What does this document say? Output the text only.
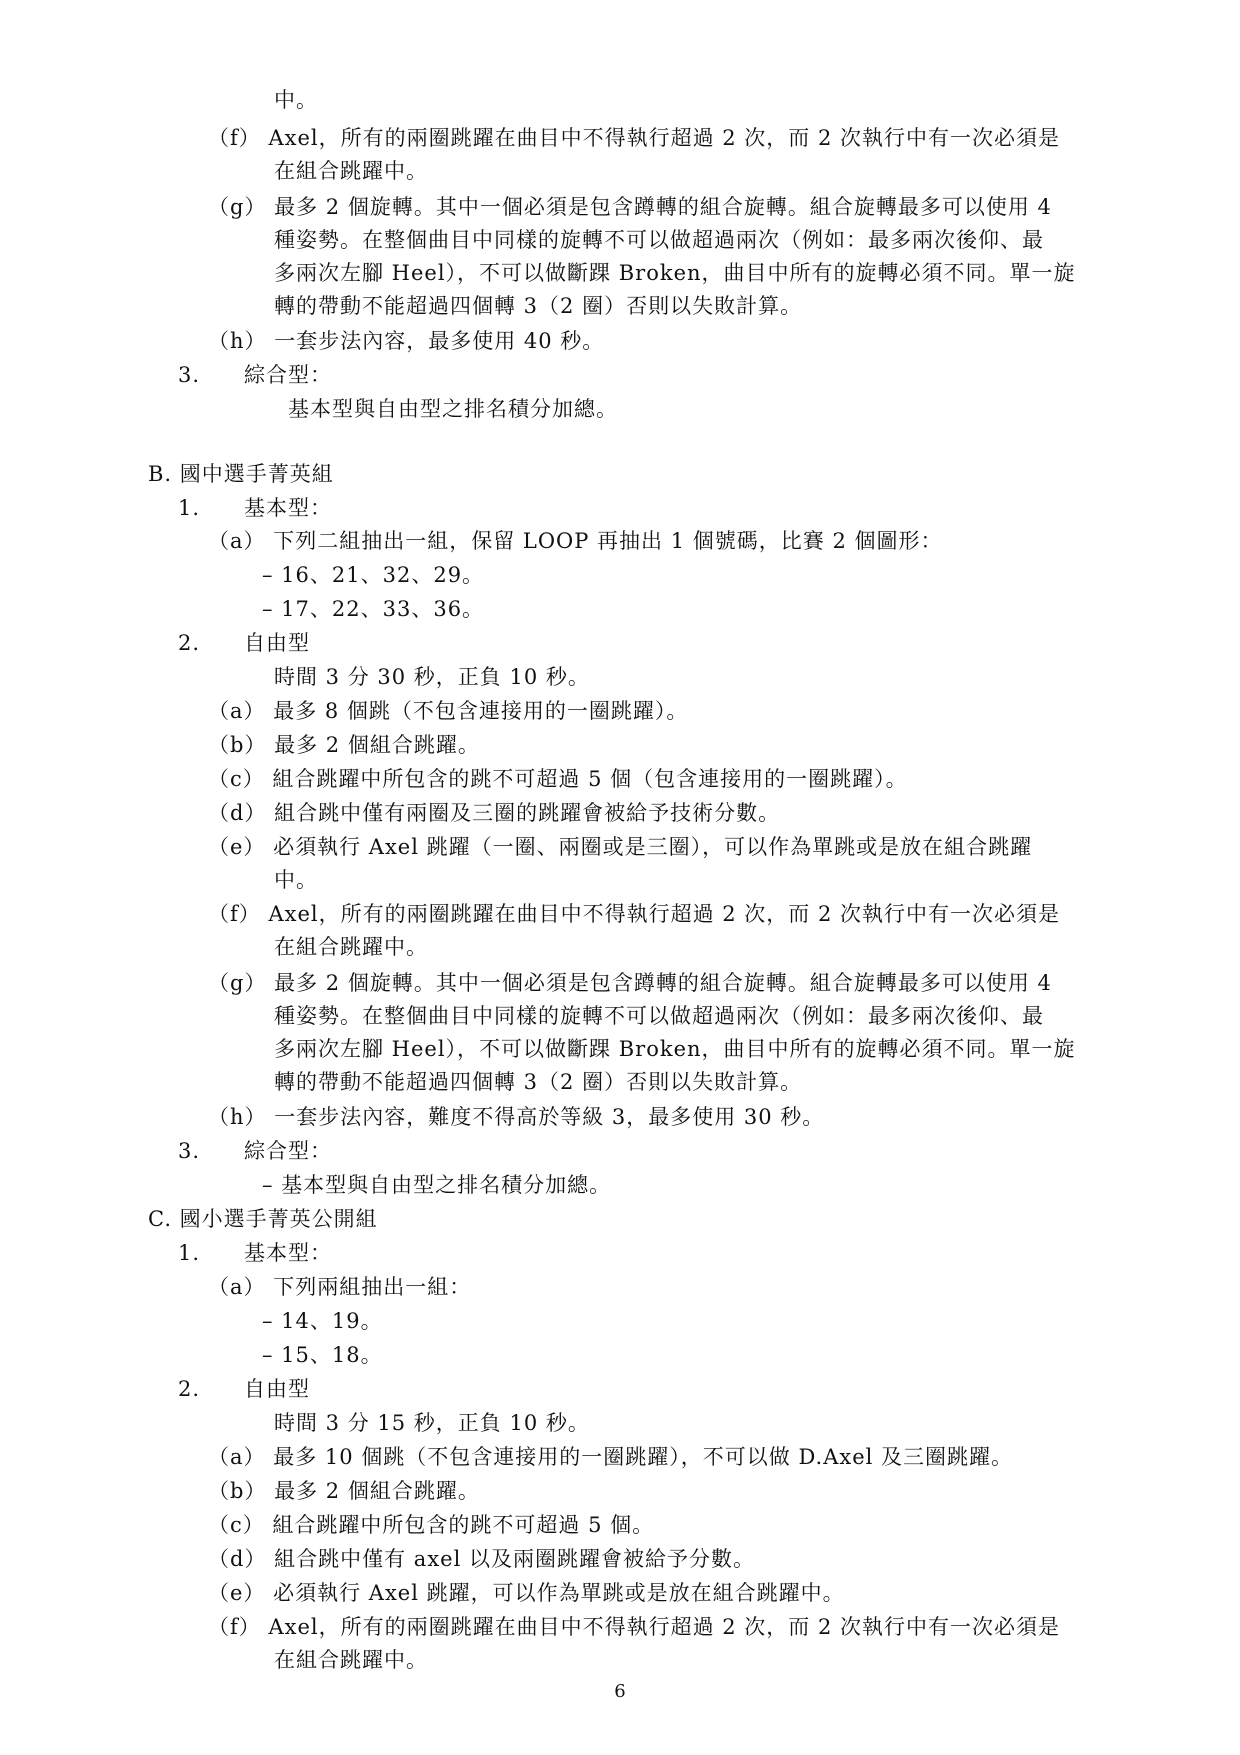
中。
（f） Axel，所有的兩圈跳躍在曲目中不得執行超過 2 次，而 2 次執行中有一次必須是
在組合跳躍中。
（g） 最多 2 個旋轉。其中一個必須是包含蹲轉的組合旋轉。組合旋轉最多可以使用 4
種姿勢。在整個曲目中同樣的旋轉不可以做超過兩次（例如：最多兩次後仰、最
多兩次左腳 Heel），不可以做斷踝 Broken，曲目中所有的旋轉必須不同。單一旋
轉的帶動不能超過四個轉 3（2 圈）否則以失敗計算。
（h） 一套步法內容，最多使用 40 秒。
3.　　綜合型：
基本型與自由型之排名積分加總。
B. 國中選手菁英組
1.　　基本型：
（a） 下列二組抽出一組，保留 LOOP 再抽出 1 個號碼，比賽 2 個圖形：
– 16、21、32、29。
– 17、22、33、36。
2.　　自由型
時間 3 分 30 秒，正負 10 秒。
（a） 最多 8 個跳（不包含連接用的一圈跳躍）。
（b） 最多 2 個組合跳躍。
（c） 組合跳躍中所包含的跳不可超過 5 個（包含連接用的一圈跳躍）。
（d） 組合跳中僅有兩圈及三圈的跳躍會被給予技術分數。
（e） 必須執行 Axel 跳躍（一圈、兩圈或是三圈），可以作為單跳或是放在組合跳躍
中。
（f） Axel，所有的兩圈跳躍在曲目中不得執行超過 2 次，而 2 次執行中有一次必須是
在組合跳躍中。
（g） 最多 2 個旋轉。其中一個必須是包含蹲轉的組合旋轉。組合旋轉最多可以使用 4
種姿勢。在整個曲目中同樣的旋轉不可以做超過兩次（例如：最多兩次後仰、最
多兩次左腳 Heel），不可以做斷踝 Broken，曲目中所有的旋轉必須不同。單一旋
轉的帶動不能超過四個轉 3（2 圈）否則以失敗計算。
（h） 一套步法內容，難度不得高於等級 3，最多使用 30 秒。
3.　　綜合型：
– 基本型與自由型之排名積分加總。
C. 國小選手菁英公開組
1.　　基本型：
（a） 下列兩組抽出一組：
– 14、19。
– 15、18。
2.　　自由型
時間 3 分 15 秒，正負 10 秒。
（a） 最多 10 個跳（不包含連接用的一圈跳躍），不可以做 D.Axel 及三圈跳躍。
（b） 最多 2 個組合跳躍。
（c） 組合跳躍中所包含的跳不可超過 5 個。
（d） 組合跳中僅有 axel 以及兩圈跳躍會被給予分數。
（e） 必須執行 Axel 跳躍，可以作為單跳或是放在組合跳躍中。
（f） Axel，所有的兩圈跳躍在曲目中不得執行超過 2 次，而 2 次執行中有一次必須是
在組合跳躍中。
6
